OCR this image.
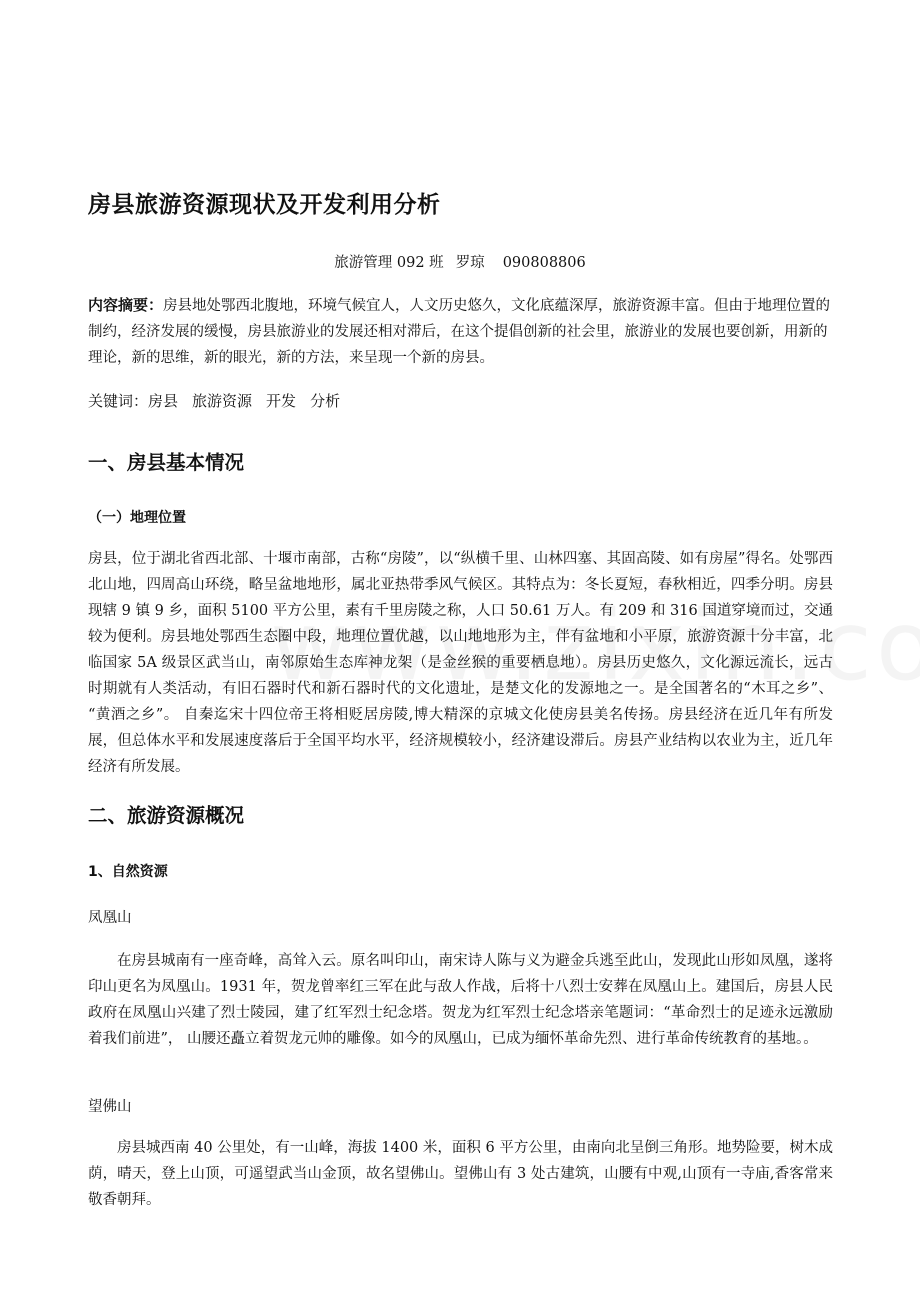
房县旅游资源现状及开发利用分析
旅游管理 092 班 罗琼 090808806

内容摘要：房县地处鄂西北腹地，环境气候宜人，人文历史悠久，文化底蕴深厚，旅游资源丰富。但由于地理位置的制约，经济发展的缓慢，房县旅游业的发展还相对滞后，在这个提倡创新的社会里，旅游业的发展也要创新，用新的理论，新的思维，新的眼光，新的方法，来呈现一个新的房县。

关键词：房县 旅游资源 开发 分析
一、房县基本情况
（一）地理位置

房县，位于湖北省西北部、十堰市南部，古称“房陵”，以“纵横千里、山林四塞、其固高陵、如有房屋”得名。处鄂西北山地，四周高山环绕，略呈盆地地形，属北亚热带季风气候区。其特点为：冬长夏短，春秋相近，四季分明。房县现辖 9 镇 9 乡，面积 5100 平方公里，素有千里房陵之称，人口 50.61 万人。有 209 和 316 国道穿境而过，交通较为便利。房县地处鄂西生态圈中段，地理位置优越，以山地地形为主，伴有盆地和小平原，旅游资源十分丰富，北临国家 5A 级景区武当山，南邻原始生态库神龙架（是金丝猴的重要栖息地）。房县历史悠久，文化源远流长，远古时期就有人类活动，有旧石器时代和新石器时代的文化遗址，是楚文化的发源地之一。是全国著名的“木耳之乡”、 “黄酒之乡”。 自秦迄宋十四位帝王将相贬居房陵,博大精深的京城文化使房县美名传扬。房县经济在近几年有所发展，但总体水平和发展速度落后于全国平均水平，经济规模较小，经济建设滞后。房县产业结构以农业为主，近几年经济有所发展。

二、旅游资源概况
1、自然资源

凤凰山

在房县城南有一座奇峰，高耸入云。原名叫印山，南宋诗人陈与义为避金兵逃至此山，发现此山形如凤凰，遂将印山更名为凤凰山。1931 年，贺龙曾率红三军在此与敌人作战，后将十八烈士安葬在凤凰山上。建国后，房县人民政府在凤凰山兴建了烈士陵园，建了红军烈士纪念塔。贺龙为红军烈士纪念塔亲笔题词：“革命烈士的足迹永远激励着我们前进”， 山腰还矗立着贺龙元帅的雕像。如今的凤凰山，已成为缅怀革命先烈、进行革命传统教育的基地。。

望佛山

房县城西南 40 公里处，有一山峰，海拔 1400 米，面积 6 平方公里，由南向北呈倒三角形。地势险要，树木成荫，晴天，登上山顶，可遥望武当山金顶，故名望佛山。望佛山有 3 处古建筑，山腰有中观,山顶有一寺庙,香客常来敬香朝拜。
